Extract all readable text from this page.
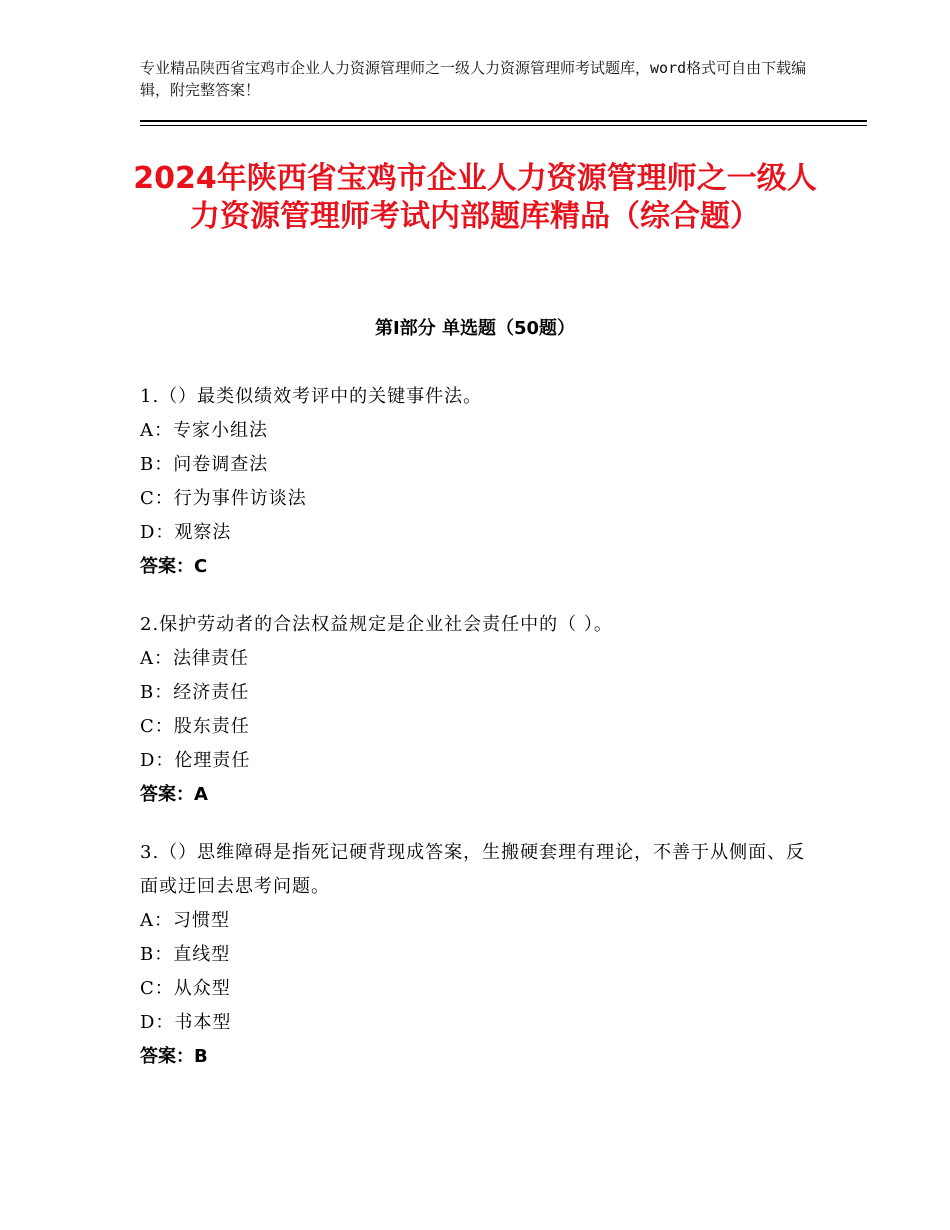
专业精品陕西省宝鸡市企业人力资源管理师之一级人力资源管理师考试题库，word格式可自由下载编辑，附完整答案！
2024年陕西省宝鸡市企业人力资源管理师之一级人力资源管理师考试内部题库精品（综合题）
第Ⅰ部分 单选题（50题）
1.（）最类似绩效考评中的关键事件法。
A：专家小组法
B：问卷调查法
C：行为事件访谈法
D：观察法
答案：C
2.保护劳动者的合法权益规定是企业社会责任中的（ ）。
A：法律责任
B：经济责任
C：股东责任
D：伦理责任
答案：A
3.（）思维障碍是指死记硬背现成答案，生搬硬套理有理论，不善于从侧面、反面或迂回去思考问题。
A：习惯型
B：直线型
C：从众型
D：书本型
答案：B
